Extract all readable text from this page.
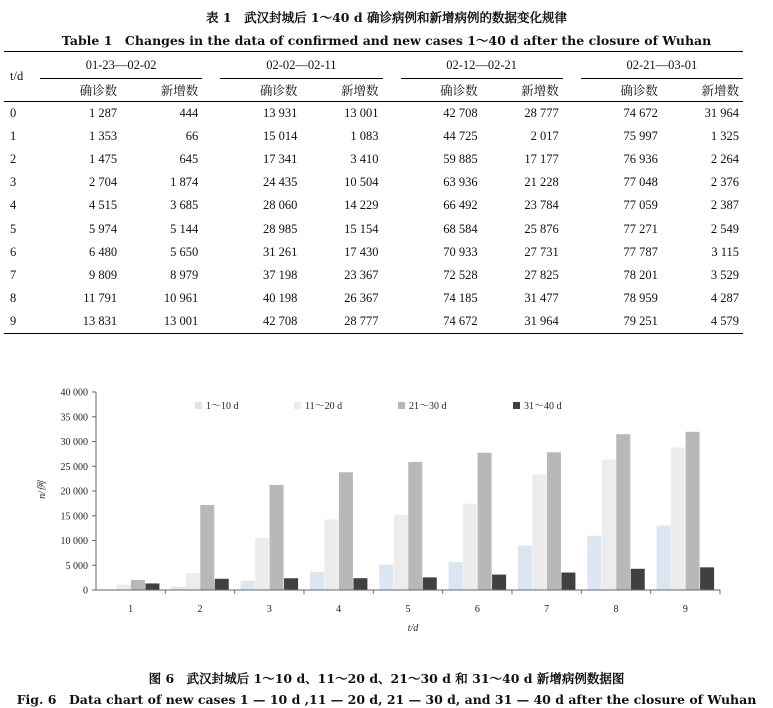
表 1　武汉封城后 1～40 d 确诊病例和新增病例的数据变化规律
Table 1　Changes in the data of confirmed and new cases 1～40 d after the closure of Wuhan
t/d	01-23—02-02			02-02—02-11			02-12—02-21			02-21—03-01	
	确诊数	新增数		确诊数	新增数		确诊数	新增数		确诊数	新增数
0	1 287	444		13 931	13 001		42 708	28 777		74 672	31 964
1	1 353	66		15 014	1 083		44 725	2 017		75 997	1 325
2	1 475	645		17 341	3 410		59 885	17 177		76 936	2 264
3	2 704	1 874		24 435	10 504		63 936	21 228		77 048	2 376
4	4 515	3 685		28 060	14 229		66 492	23 784		77 059	2 387
5	5 974	5 144		28 985	15 154		68 584	25 876		77 271	2 549
6	6 480	5 650		31 261	17 430		70 933	27 731		77 787	3 115
7	9 809	8 979		37 198	23 367		72 528	27 825		78 201	3 529
8	11 791	10 961		40 198	26 367		74 185	31 477		78 959	4 287
9	13 831	13 001		42 708	28 777		74 672	31 964		79 251	4 579
0
5 000
10 000
15 000
20 000
25 000
30 000
35 000
40 000
1	2	3	4	5	6	7	8	9
1～10 d	11～20 d	21～30 d	31～40 d
n/例
t/d
图 6　武汉封城后 1～10 d、11～20 d、21～30 d 和 31～40 d 新增病例数据图
Fig. 6　Data chart of new cases 1 — 10 d ,11 — 20 d, 21 — 30 d, and 31 — 40 d after the closure of Wuhan
